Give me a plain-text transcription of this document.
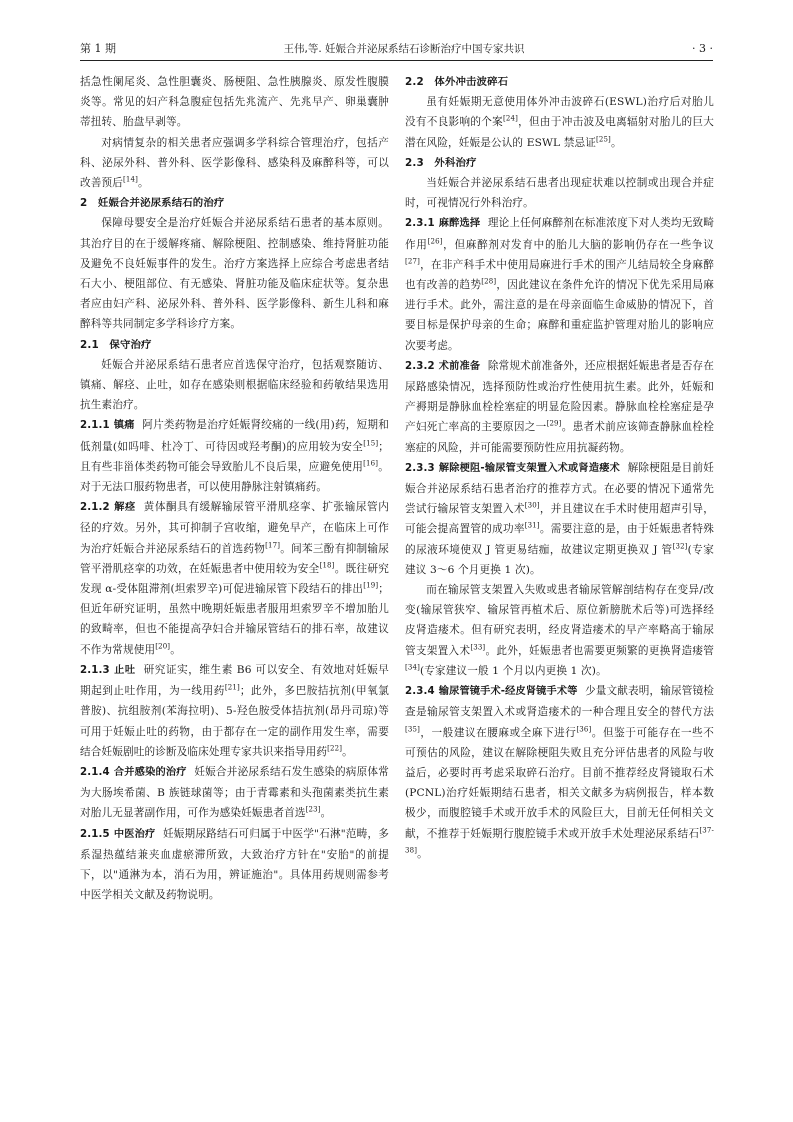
第 1 期	王伟,等. 妊娠合并泌尿系结石诊断治疗中国专家共识	· 3 ·

括急性阑尾炎、急性胆囊炎、肠梗阻、急性胰腺炎、原发性腹膜炎等。常见的妇产科急腹症包括先兆流产、先兆早产、卵巢囊肿蒂扭转、胎盘早剥等。

对病情复杂的相关患者应强调多学科综合管理治疗，包括产科、泌尿外科、普外科、医学影像科、感染科及麻醉科等，可以改善预后[14]。

2　妊娠合并泌尿系结石的治疗

保障母婴安全是治疗妊娠合并泌尿系结石患者的基本原则。其治疗目的在于缓解疼痛、解除梗阻、控制感染、维持肾脏功能及避免不良妊娠事件的发生。治疗方案选择上应综合考虑患者结石大小、梗阻部位、有无感染、肾脏功能及临床症状等。复杂患者应由妇产科、泌尿外科、普外科、医学影像科、新生儿科和麻醉科等共同制定多学科诊疗方案。

2.1　保守治疗

妊娠合并泌尿系结石患者应首选保守治疗，包括观察随访、镇痛、解痉、止吐，如存在感染则根据临床经验和药敏结果选用抗生素治疗。

2.1.1 镇痛 阿片类药物是治疗妊娠肾绞痛的一线(用)药，短期和低剂量(如吗啡、杜冷丁、可待因或羟考酮)的应用较为安全[15]；且有些非甾体类药物可能会导致胎儿不良后果，应避免使用[16]。对于无法口服药物患者，可以使用静脉注射镇痛药。

2.1.2 解痉 黄体酮具有缓解输尿管平滑肌痉挛、扩张输尿管内径的疗效。另外，其可抑制子宫收缩，避免早产，在临床上可作为治疗妊娠合并泌尿系结石的首选药物[17]。间苯三酚有抑制输尿管平滑肌痉挛的功效，在妊娠患者中使用较为安全[18]。既往研究发现 α-受体阻滞剂(坦索罗辛)可促进输尿管下段结石的排出[19]；但近年研究证明，虽然中晚期妊娠患者服用坦索罗辛不增加胎儿的致畸率，但也不能提高孕妇合并输尿管结石的排石率，故建议不作为常规使用[20]。

2.1.3 止吐 研究证实，维生素 B6 可以安全、有效地对妊娠早期起到止吐作用，为一线用药[21]；此外，多巴胺拮抗剂(甲氧氯普胺)、抗组胺剂(苯海拉明)、5-羟色胺受体拮抗剂(昂丹司琼)等可用于妊娠止吐的药物，由于都存在一定的副作用发生率，需要结合妊娠剧吐的诊断及临床处理专家共识来指导用药[22]。

2.1.4 合并感染的治疗 妊娠合并泌尿系结石发生感染的病原体常为大肠埃希菌、B 族链球菌等；由于青霉素和头孢菌素类抗生素对胎儿无显著副作用，可作为感染妊娠患者首选[23]。

2.1.5 中医治疗 妊娠期尿路结石可归属于中医学"石淋"范畴，多系湿热蕴结兼夹血虚瘀滞所致，大致治疗方针在"安胎"的前提下，以"通淋为本，消石为用，辨证施治"。具体用药规则需参考中医学相关文献及药物说明。

2.2　体外冲击波碎石

虽有妊娠期无意使用体外冲击波碎石(ESWL)治疗后对胎儿没有不良影响的个案[24]，但由于冲击波及电离辐射对胎儿的巨大潜在风险，妊娠是公认的 ESWL 禁忌证[25]。

2.3　外科治疗

当妊娠合并泌尿系结石患者出现症状难以控制或出现合并症时，可视情况行外科治疗。

2.3.1 麻醉选择 理论上任何麻醉剂在标准浓度下对人类均无致畸作用[26]，但麻醉剂对发育中的胎儿大脑的影响仍存在一些争议[27]，在非产科手术中使用局麻进行手术的围产儿结局较全身麻醉也有改善的趋势[28]，因此建议在条件允许的情况下优先采用局麻进行手术。此外，需注意的是在母亲面临生命威胁的情况下，首要目标是保护母亲的生命；麻醉和重症监护管理对胎儿的影响应次要考虑。

2.3.2 术前准备 除常规术前准备外，还应根据妊娠患者是否存在尿路感染情况，选择预防性或治疗性使用抗生素。此外，妊娠和产褥期是静脉血栓栓塞症的明显危险因素。静脉血栓栓塞症是孕产妇死亡率高的主要原因之一[29]。患者术前应该筛查静脉血栓栓塞症的风险，并可能需要预防性应用抗凝药物。

2.3.3 解除梗阻-输尿管支架置入术或肾造瘘术 解除梗阻是目前妊娠合并泌尿系结石患者治疗的推荐方式。在必要的情况下通常先尝试行输尿管支架置入术[30]，并且建议在手术时使用超声引导，可能会提高置管的成功率[31]。需要注意的是，由于妊娠患者特殊的尿液环境使双 J 管更易结痂，故建议定期更换双 J 管[32](专家建议 3～6 个月更换 1 次)。

而在输尿管支架置入失败或患者输尿管解剖结构存在变异/改变(输尿管狭窄、输尿管再植术后、原位新膀胱术后等)可选择经皮肾造瘘术。但有研究表明，经皮肾造瘘术的早产率略高于输尿管支架置入术[33]。此外，妊娠患者也需要更频繁的更换肾造瘘管[34](专家建议一般 1 个月以内更换 1 次)。

2.3.4 输尿管镜手术-经皮肾镜手术等 少量文献表明，输尿管镜检查是输尿管支架置入术或肾造瘘术的一种合理且安全的替代方法[35]，一般建议在腰麻或全麻下进行[36]。但鉴于可能存在一些不可预估的风险，建议在解除梗阻失败且充分评估患者的风险与收益后，必要时再考虑采取碎石治疗。目前不推荐经皮肾镜取石术(PCNL)治疗妊娠期结石患者，相关文献多为病例报告，样本数极少，而腹腔镜手术或开放手术的风险巨大，目前无任何相关文献，不推荐于妊娠期行腹腔镜手术或开放手术处理泌尿系结石[37-38]。
